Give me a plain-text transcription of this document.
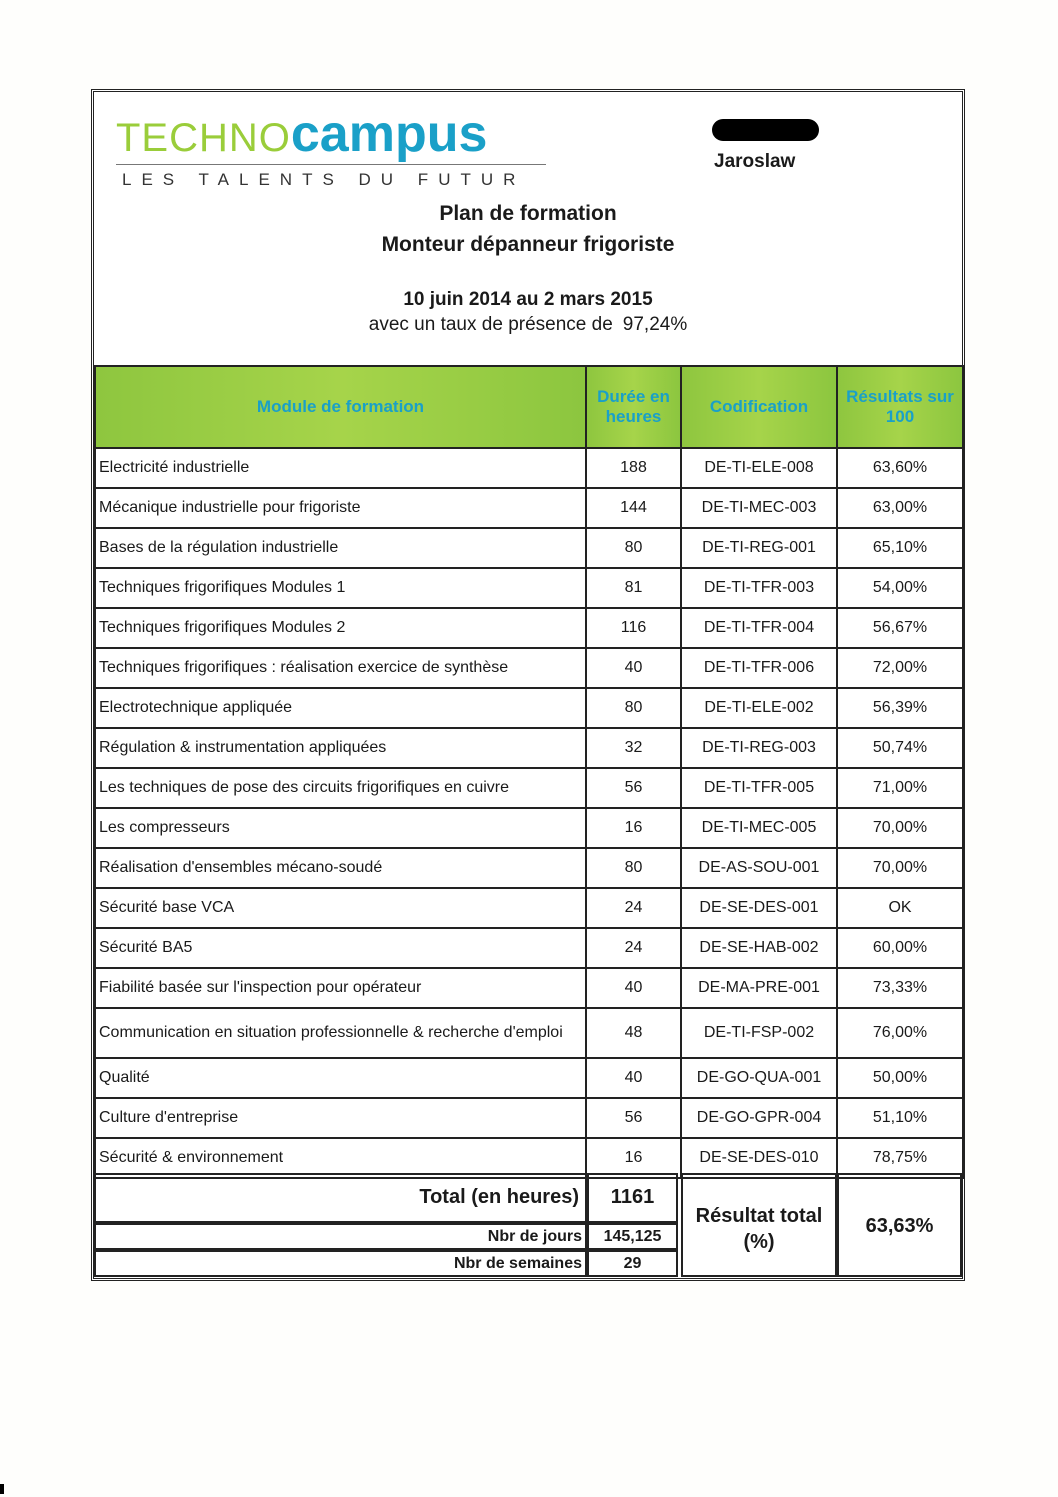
TECHNOcampus
LES TALENTS DU FUTUR
Jaroslaw
Plan de formation
Monteur dépanneur frigoriste
10 juin 2014 au 2 mars 2015
avec un taux de présence de 97,24%
Module de formation	Durée en heures	Codification	Résultats sur 100
Electricité industrielle	188	DE-TI-ELE-008	63,60%
Mécanique industrielle pour frigoriste	144	DE-TI-MEC-003	63,00%
Bases de la régulation industrielle	80	DE-TI-REG-001	65,10%
Techniques frigorifiques Modules 1	81	DE-TI-TFR-003	54,00%
Techniques frigorifiques Modules 2	116	DE-TI-TFR-004	56,67%
Techniques frigorifiques : réalisation exercice de synthèse	40	DE-TI-TFR-006	72,00%
Electrotechnique appliquée	80	DE-TI-ELE-002	56,39%
Régulation & instrumentation appliquées	32	DE-TI-REG-003	50,74%
Les techniques de pose des circuits frigorifiques en cuivre	56	DE-TI-TFR-005	71,00%
Les compresseurs	16	DE-TI-MEC-005	70,00%
Réalisation d'ensembles mécano-soudé	80	DE-AS-SOU-001	70,00%
Sécurité base VCA	24	DE-SE-DES-001	OK
Sécurité BA5	24	DE-SE-HAB-002	60,00%
Fiabilité basée sur l'inspection pour opérateur	40	DE-MA-PRE-001	73,33%
Communication en situation professionnelle & recherche d'emploi	48	DE-TI-FSP-002	76,00%
Qualité	40	DE-GO-QUA-001	50,00%
Culture d'entreprise	56	DE-GO-GPR-004	51,10%
Sécurité & environnement	16	DE-SE-DES-010	78,75%
Total (en heures)	1161
Nbr de jours	145,125
Nbr de semaines	29
Résultat total (%)
63,63%
